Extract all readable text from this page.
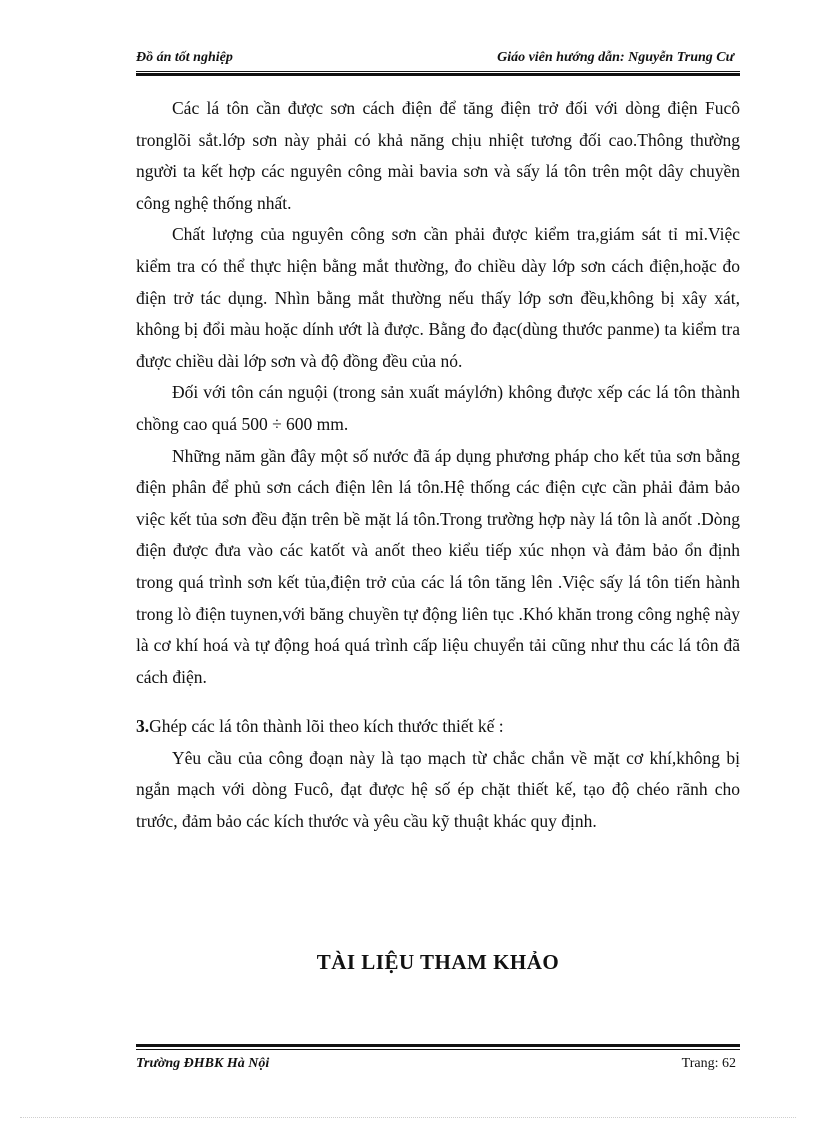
Đồ án tốt nghiệp	Giáo viên hướng dẫn: Nguyễn Trung Cư

Các lá tôn cần được sơn cách điện để tăng điện trở đối với dòng điện Fucô tronglõi sắt.lớp sơn này phải có khả năng chịu nhiệt tương đối cao.Thông thường người ta kết hợp các nguyên công mài bavia sơn và sấy lá tôn trên một dây chuyền công nghệ thống nhất.

Chất lượng của nguyên công sơn cần phải được kiểm tra,giám sát tỉ mỉ.Việc kiểm tra có thể thực hiện bằng mắt thường, đo chiều dày lớp sơn cách điện,hoặc đo điện trở tác dụng. Nhìn bằng mắt thường nếu thấy lớp sơn đều,không bị xây xát, không bị đổi màu hoặc dính ướt là được. Bằng đo đạc(dùng thước panme) ta kiểm tra được chiều dài lớp sơn và độ đồng đều của nó.

Đối với tôn cán nguội (trong sản xuất máylớn) không được xếp các lá tôn thành chồng cao quá 500 ÷ 600 mm.

Những năm gần đây một số nước đã áp dụng phương pháp cho kết tủa sơn bằng điện phân để phủ sơn cách điện lên lá tôn.Hệ thống các điện cực cần phải đảm bảo việc kết tủa sơn đều đặn trên bề mặt lá tôn.Trong trường hợp này lá tôn là anốt .Dòng điện được đưa vào các katốt và anốt theo kiểu tiếp xúc nhọn và đảm bảo ổn định trong quá trình sơn kết tủa,điện trở của các lá tôn tăng lên .Việc sấy lá tôn tiến hành trong lò điện tuynen,với băng chuyền tự động liên tục .Khó khăn trong công nghệ này là cơ khí hoá và tự động hoá quá trình cấp liệu chuyển tải cũng như thu các lá tôn đã cách điện.

3.Ghép các lá tôn thành lõi theo kích thước thiết kế :

Yêu cầu của công đoạn này là tạo mạch từ chắc chắn về mặt cơ khí,không bị ngắn mạch với dòng Fucô, đạt được hệ số ép chặt thiết kế, tạo độ chéo rãnh cho trước, đảm bảo các kích thước và yêu cầu kỹ thuật khác quy định.

TÀI LIỆU THAM KHẢO
Trường ĐHBK Hà Nội	Trang: 62
